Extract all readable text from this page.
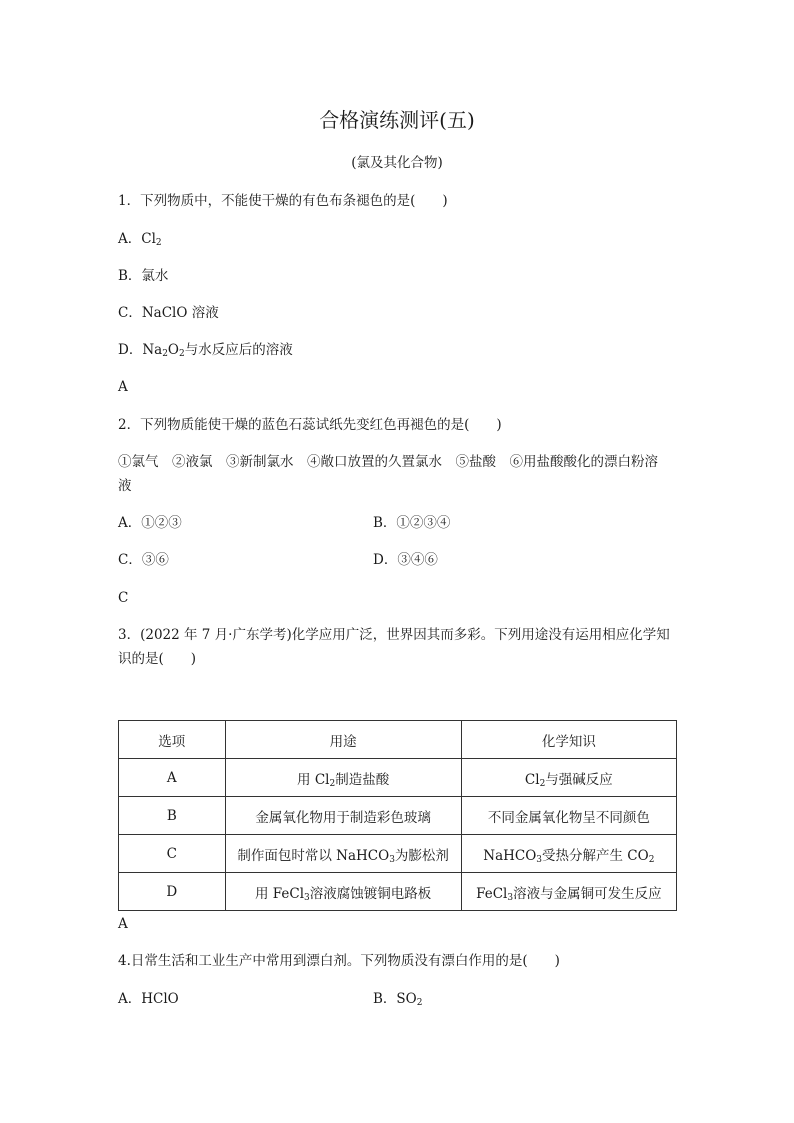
合格演练测评(五)
(氯及其化合物)
1．下列物质中，不能使干燥的有色布条褪色的是(　　)
A．$Cl_2$
B．氯水
C．NaClO 溶液
D．$Na_2O_2$与水反应后的溶液
A
2．下列物质能使干燥的蓝色石蕊试纸先变红色再褪色的是(　　)
①氯气　②液氯　③新制氯水　④敞口放置的久置氯水　⑤盐酸　⑥用盐酸酸化的漂白粉溶
液
A．①②③	B．①②③④
C．③⑥	D．③④⑥
C
3．(2022 年 7 月·广东学考)化学应用广泛，世界因其而多彩。下列用途没有运用相应化学知
识的是(　　)
选项	用途	化学知识
A	用 $Cl_2$制造盐酸	$Cl_2$与强碱反应
B	金属氧化物用于制造彩色玻璃	不同金属氧化物呈不同颜色
C	制作面包时常以 NaHCO$_3$为膨松剂	NaHCO$_3$受热分解产生 $CO_2$
D	用 FeCl$_3$溶液腐蚀镀铜电路板	FeCl$_3$溶液与金属铜可发生反应
A
4.日常生活和工业生产中常用到漂白剂。下列物质没有漂白作用的是(　　)
A．HClO	B．$SO_2$
